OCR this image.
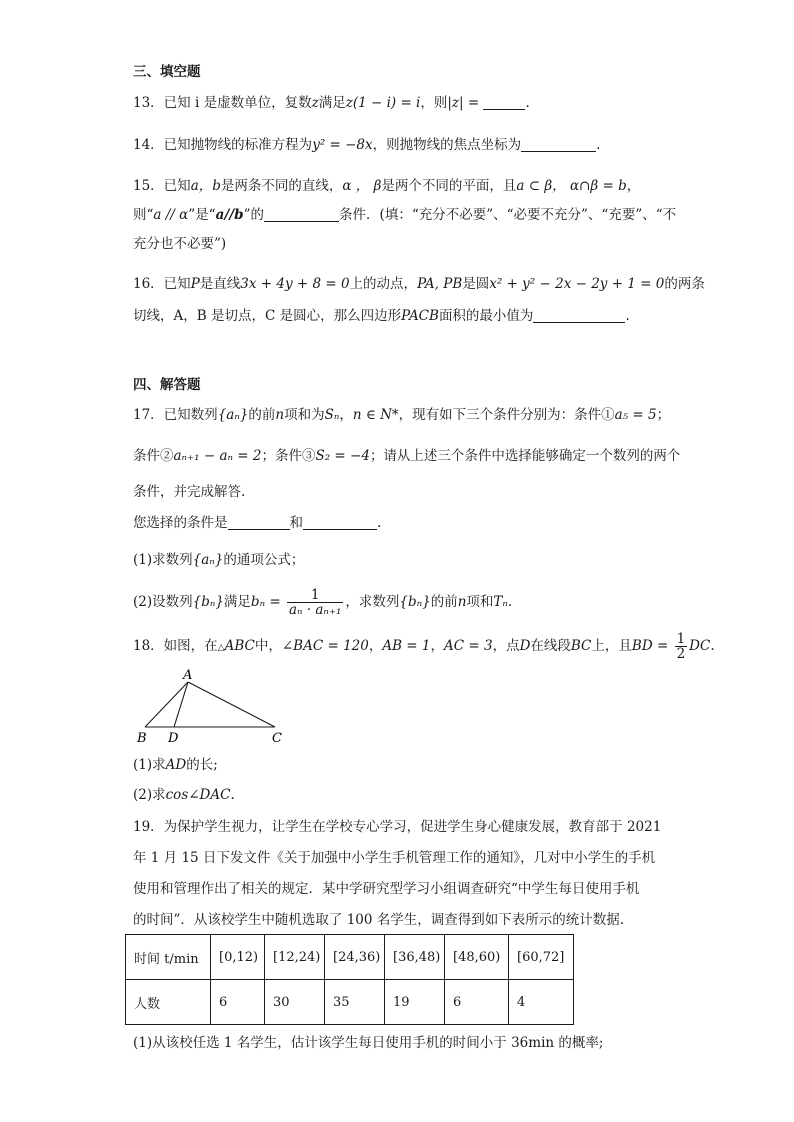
三、填空题
13．已知 i 是虚数单位，复数z满足z(1 − i) = i，则|z| =	.
14．已知抛物线的标准方程为y² = −8x，则抛物线的焦点坐标为	.
15．已知a，b是两条不同的直线，α ， β是两个不同的平面，且a ⊂ β， α∩β = b，
则“a // α”是“a//b”的	条件．(填：“充分不必要”、“必要不充分”、“充要”、“不
充分也不必要”)
16．已知P是直线3x + 4y + 8 = 0上的动点，PA, PB是圆x² + y² − 2x − 2y + 1 = 0的两条
切线，A，B 是切点，C 是圆心，那么四边形PACB面积的最小值为	.
四、解答题
17．已知数列{aₙ}的前n项和为Sₙ，n ∈ N*，现有如下三个条件分别为：条件①a₅ = 5；
条件②aₙ₊₁ − aₙ = 2；条件③S₂ = −4；请从上述三个条件中选择能够确定一个数列的两个
条件，并完成解答.
您选择的条件是	和	.
(1)求数列{aₙ}的通项公式；
(2)设数列{bₙ}满足$b_n = \frac{1}{\text{aₙ · aₙ₊₁}}$ ，求数列{bₙ}的前n项和Tₙ.
18．如图，在△ABC中，∠BAC = 120，AB = 1，AC = 3，点D在线段BC上，且BD = $\frac{1}{2}$ DC.
A
B D	C
(1)求AD的长;
(2)求cos∠DAC.
19．为保护学生视力，让学生在学校专心学习，促进学生身心健康发展，教育部于 2021
年 1 月 15 日下发文件《关于加强中小学生手机管理工作的通知》，几对中小学生的手机
使用和管理作出了相关的规定．某中学研究型学习小组调查研究“中学生每日使用手机
的时间”．从该校学生中随机选取了 100 名学生，调查得到如下表所示的统计数据.
时间 t/min	[0,12)	[12,24)	[24,36)	[36,48)	[48,60)	[60,72]
人数	6	30	35	19	6	4
(1)从该校任选 1 名学生，估计该学生每日使用手机的时间小于 36min 的概率;
